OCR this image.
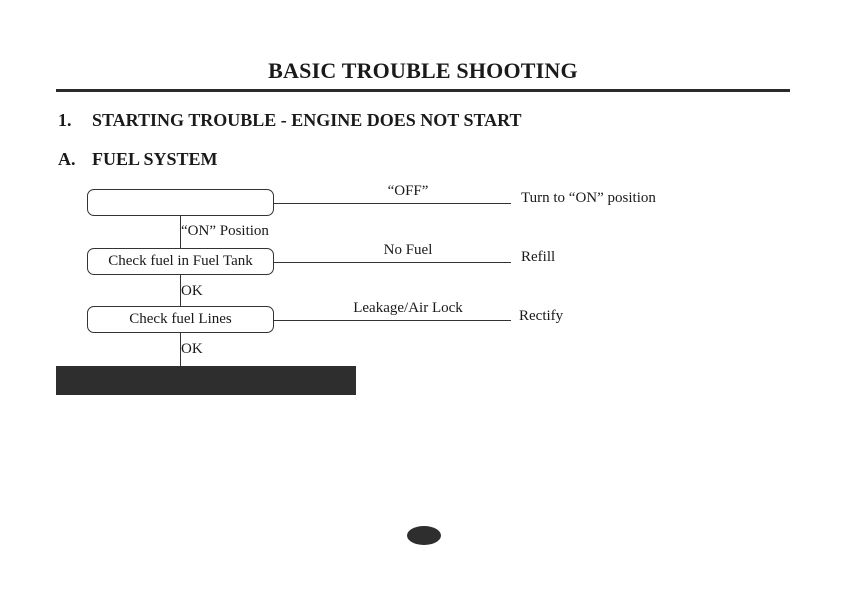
BASIC TROUBLE SHOOTING
1. STARTING TROUBLE - ENGINE DOES NOT START
A. FUEL SYSTEM
“OFF”	Turn to “ON” position
“ON” Position
Check fuel in Fuel Tank
No Fuel	Refill
OK
Check fuel Lines
Leakage/Air Lock	Rectify
OK
